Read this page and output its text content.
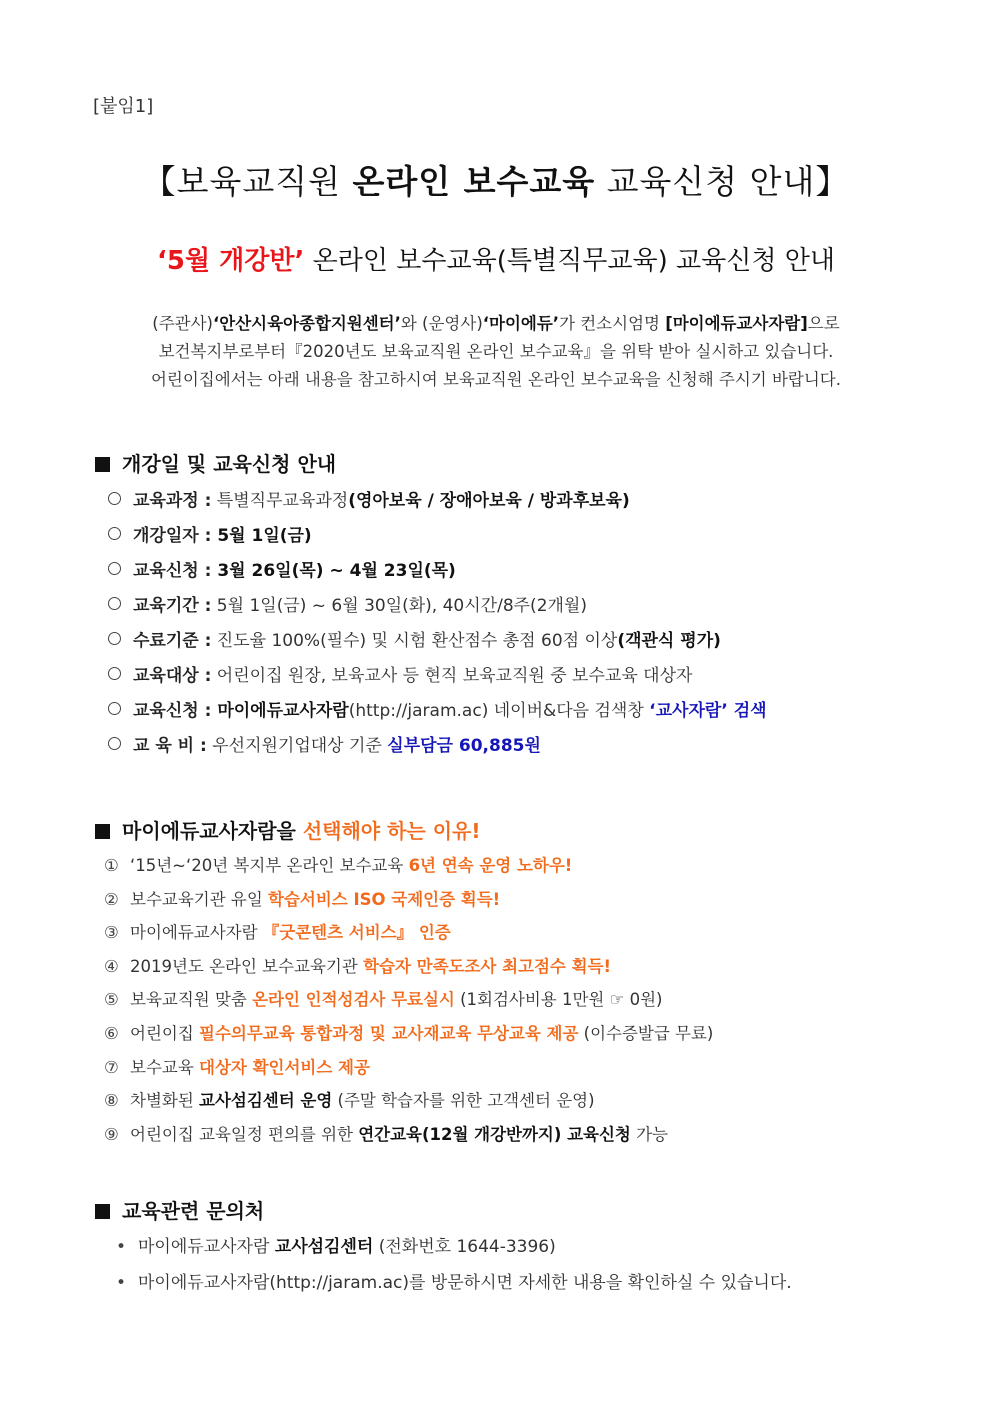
[붙임1]
【보육교직원 온라인 보수교육 교육신청 안내】
‘5월 개강반’ 온라인 보수교육(특별직무교육) 교육신청 안내
(주관사)‘안산시육아종합지원센터’와 (운영사)‘마이에듀’가 컨소시엄명 [마이에듀교사자람]으로
보건복지부로부터『2020년도 보육교직원 온라인 보수교육』을 위탁 받아 실시하고 있습니다.
어린이집에서는 아래 내용을 참고하시여 보육교직원 온라인 보수교육을 신청해 주시기 바랍니다.
개강일 및 교육신청 안내
교육과정 : 특별직무교육과정(영아보육 / 장애아보육 / 방과후보육)
개강일자 : 5월 1일(금)
교육신청 : 3월 26일(목) ~ 4월 23일(목)
교육기간 : 5월 1일(금) ~ 6월 30일(화), 40시간/8주(2개월)
수료기준 : 진도율 100%(필수) 및 시험 환산점수 총점 60점 이상(객관식 평가)
교육대상 : 어린이집 원장, 보육교사 등 현직 보육교직원 중 보수교육 대상자
교육신청 : 마이에듀교사자람(http://jaram.ac) 네이버&다음 검색창 ‘교사자람’ 검색
교 육 비 : 우선지원기업대상 기준 실부담금 60,885원
마이에듀교사자람을 선택해야 하는 이유!
① ‘15년~‘20년 복지부 온라인 보수교육 6년 연속 운영 노하우!
② 보수교육기관 유일 학습서비스 ISO 국제인증 획득!
③ 마이에듀교사자람 『굿콘텐츠 서비스』 인증
④ 2019년도 온라인 보수교육기관 학습자 만족도조사 최고점수 획득!
⑤ 보육교직원 맞춤 온라인 인적성검사 무료실시 (1회검사비용 1만원 ☞ 0원)
⑥ 어린이집 필수의무교육 통합과정 및 교사재교육 무상교육 제공 (이수증발급 무료)
⑦ 보수교육 대상자 확인서비스 제공
⑧ 차별화된 교사섬김센터 운영 (주말 학습자를 위한 고객센터 운영)
⑨ 어린이집 교육일정 편의를 위한 연간교육(12월 개강반까지) 교육신청 가능
교육관련 문의처
• 마이에듀교사자람 교사섬김센터 (전화번호 1644-3396)
• 마이에듀교사자람(http://jaram.ac)를 방문하시면 자세한 내용을 확인하실 수 있습니다.
